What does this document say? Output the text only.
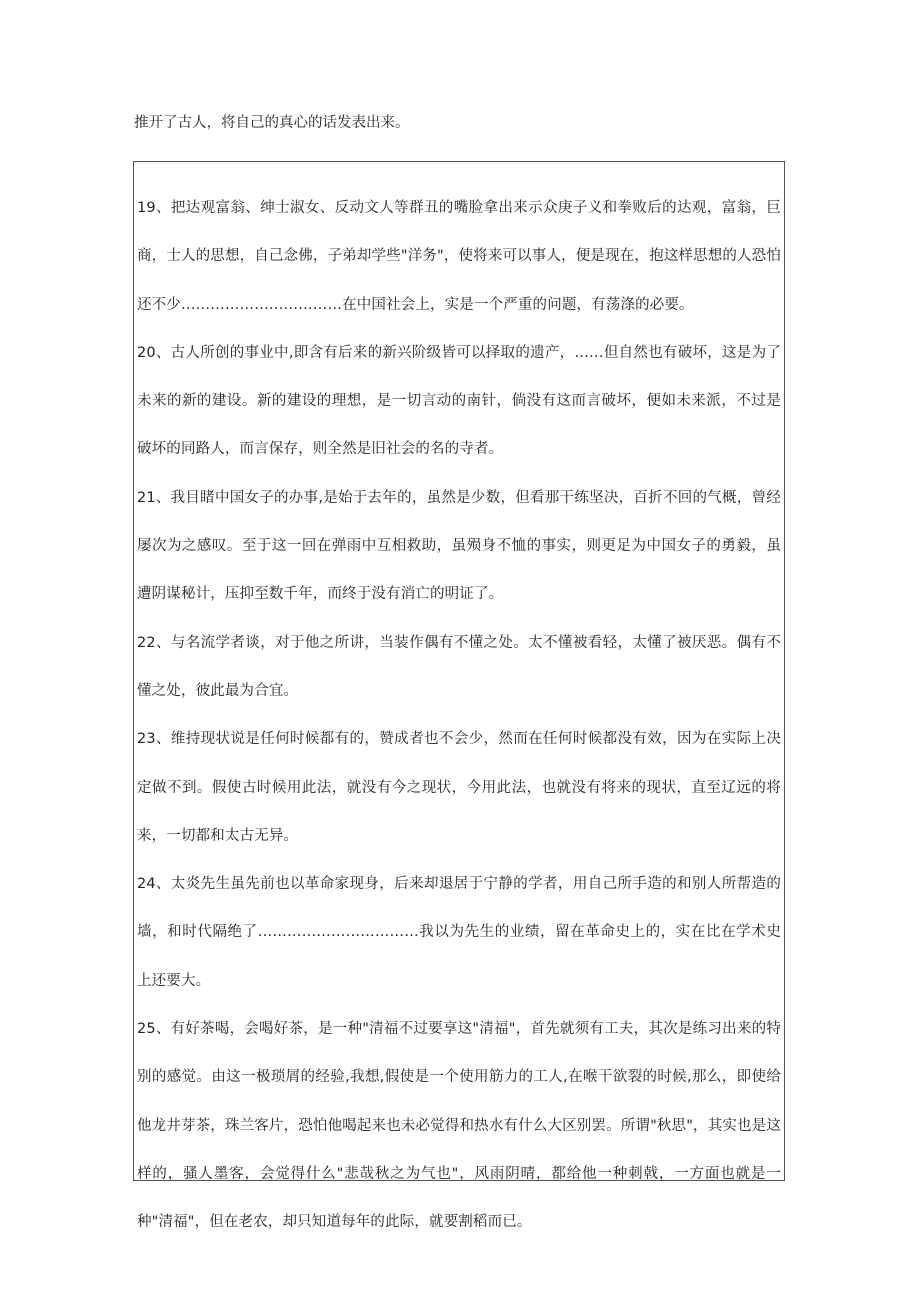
推开了古人，将自己的真心的话发表出来。

19、把达观富翁、绅士淑女、反动文人等群丑的嘴脸拿出来示众庚子义和拳败后的达观，富翁，巨商，士人的思想，自己念佛，子弟却学些"洋务"，使将来可以事人，便是现在，抱这样思想的人恐怕还不少……………………………在中国社会上，实是一个严重的问题，有荡涤的必要。

20、古人所创的事业中,即含有后来的新兴阶级皆可以择取的遗产，……但自然也有破坏，这是为了未来的新的建设。新的建设的理想，是一切言动的南针，倘没有这而言破坏，便如未来派，不过是破坏的同路人，而言保存，则全然是旧社会的名的寺者。

21、我目睹中国女子的办事,是始于去年的，虽然是少数，但看那干练坚决，百折不回的气概，曾经屡次为之感叹。至于这一回在弹雨中互相救助，虽殒身不恤的事实，则更足为中国女子的勇毅，虽遭阴谋秘计，压抑至数千年，而终于没有消亡的明证了。

22、与名流学者谈，对于他之所讲，当装作偶有不懂之处。太不懂被看轻，太懂了被厌恶。偶有不懂之处，彼此最为合宜。

23、维持现状说是任何时候都有的，赞成者也不会少，然而在任何时候都没有效，因为在实际上决定做不到。假使古时候用此法，就没有今之现状，今用此法，也就没有将来的现状，直至辽远的将来，一切都和太古无异。

24、太炎先生虽先前也以革命家现身，后来却退居于宁静的学者，用自己所手造的和别人所帮造的墙，和时代隔绝了……………………………我以为先生的业绩，留在革命史上的，实在比在学术史上还要大。

25、有好茶喝，会喝好茶，是一种"清福不过要享这"清福"，首先就须有工夫，其次是练习出来的特别的感觉。由这一极琐屑的经验,我想,假使是一个使用筋力的工人,在喉干欲裂的时候,那么，即使给他龙井芽茶，珠兰客片，恐怕他喝起来也未必觉得和热水有什么大区别罢。所谓"秋思"，其实也是这样的，骚人墨客，会觉得什么"悲哉秋之为气也"，风雨阴晴，都给他一种刺戟，一方面也就是一种"清福"，但在老农，却只知道每年的此际，就要割稻而已。
